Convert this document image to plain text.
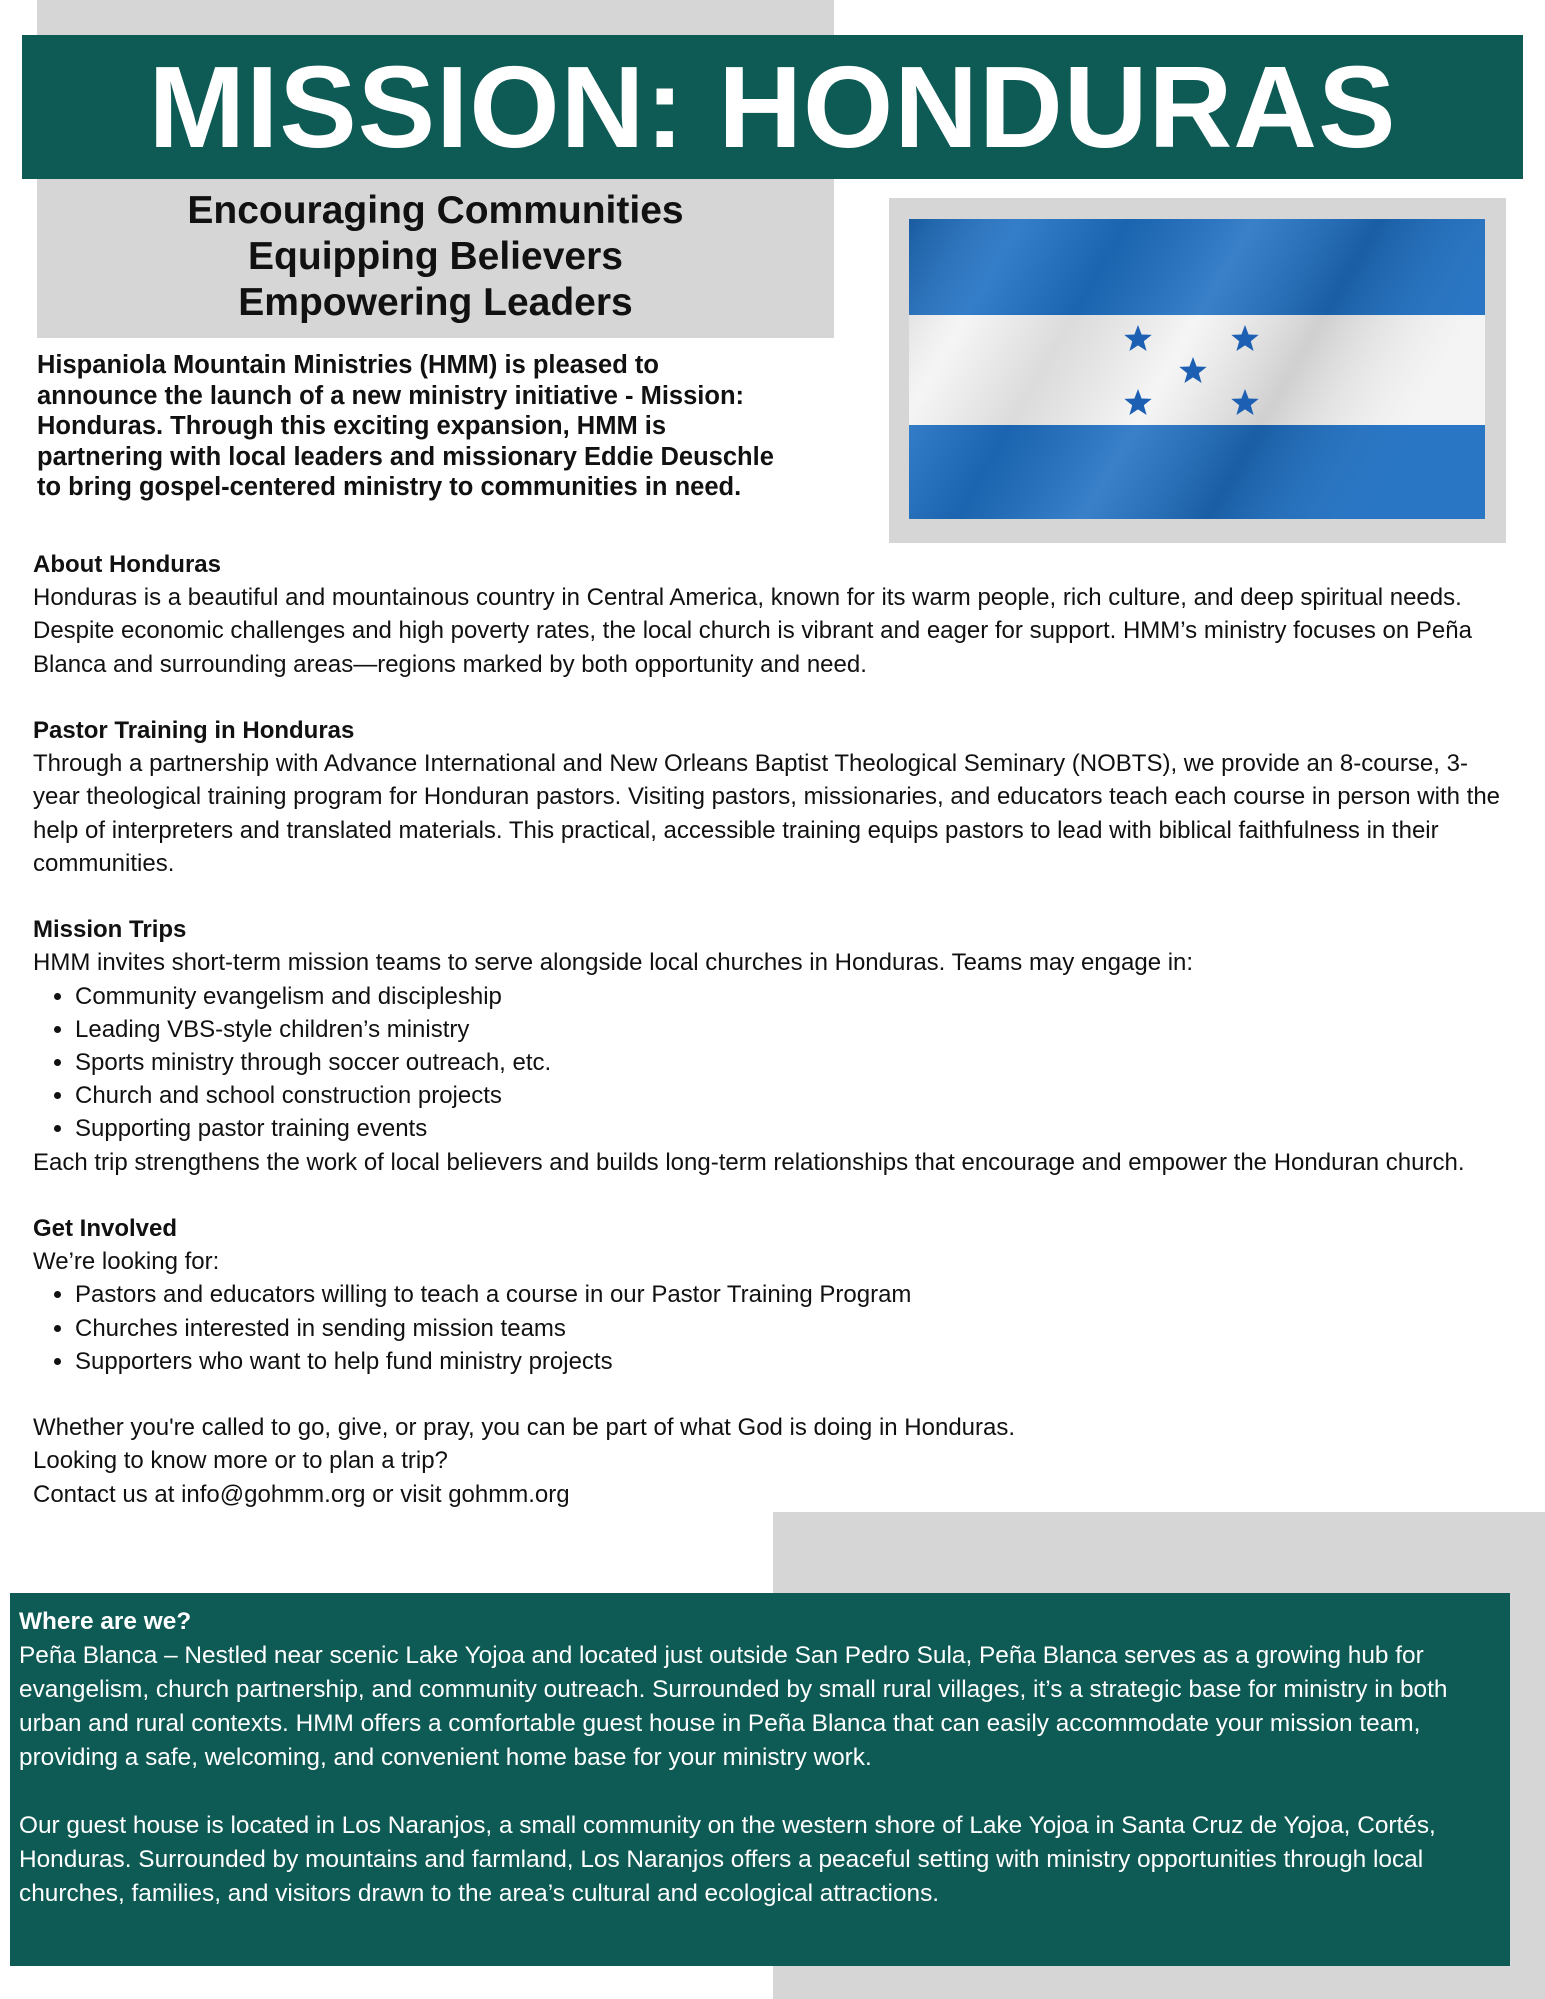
MISSION: HONDURAS
Encouraging Communities
Equipping Believers
Empowering Leaders
Hispaniola Mountain Ministries (HMM) is pleased to announce the launch of a new ministry initiative - Mission: Honduras. Through this exciting expansion, HMM is partnering with local leaders and missionary Eddie Deuschle to bring gospel-centered ministry to communities in need.
About Honduras

Honduras is a beautiful and mountainous country in Central America, known for its warm people, rich culture, and deep spiritual needs. Despite economic challenges and high poverty rates, the local church is vibrant and eager for support. HMM’s ministry focuses on Peña Blanca and surrounding areas—regions marked by both opportunity and need.

Pastor Training in Honduras

Through a partnership with Advance International and New Orleans Baptist Theological Seminary (NOBTS), we provide an 8-course, 3-year theological training program for Honduran pastors. Visiting pastors, missionaries, and educators teach each course in person with the help of interpreters and translated materials. This practical, accessible training equips pastors to lead with biblical faithfulness in their communities.

Mission Trips

HMM invites short-term mission teams to serve alongside local churches in Honduras. Teams may engage in:

• Community evangelism and discipleship
• Leading VBS-style children’s ministry
• Sports ministry through soccer outreach, etc.
• Church and school construction projects
• Supporting pastor training events

Each trip strengthens the work of local believers and builds long-term relationships that encourage and empower the Honduran church.

Get Involved

We’re looking for:

• Pastors and educators willing to teach a course in our Pastor Training Program
• Churches interested in sending mission teams
• Supporters who want to help fund ministry projects
Whether you're called to go, give, or pray, you can be part of what God is doing in Honduras.
Looking to know more or to plan a trip?
Contact us at info@gohmm.org or visit gohmm.org
Where are we?

Peña Blanca – Nestled near scenic Lake Yojoa and located just outside San Pedro Sula, Peña Blanca serves as a growing hub for evangelism, church partnership, and community outreach. Surrounded by small rural villages, it’s a strategic base for ministry in both urban and rural contexts. HMM offers a comfortable guest house in Peña Blanca that can easily accommodate your mission team, providing a safe, welcoming, and convenient home base for your ministry work.

Our guest house is located in Los Naranjos, a small community on the western shore of Lake Yojoa in Santa Cruz de Yojoa, Cortés, Honduras. Surrounded by mountains and farmland, Los Naranjos offers a peaceful setting with ministry opportunities through local churches, families, and visitors drawn to the area’s cultural and ecological attractions.
